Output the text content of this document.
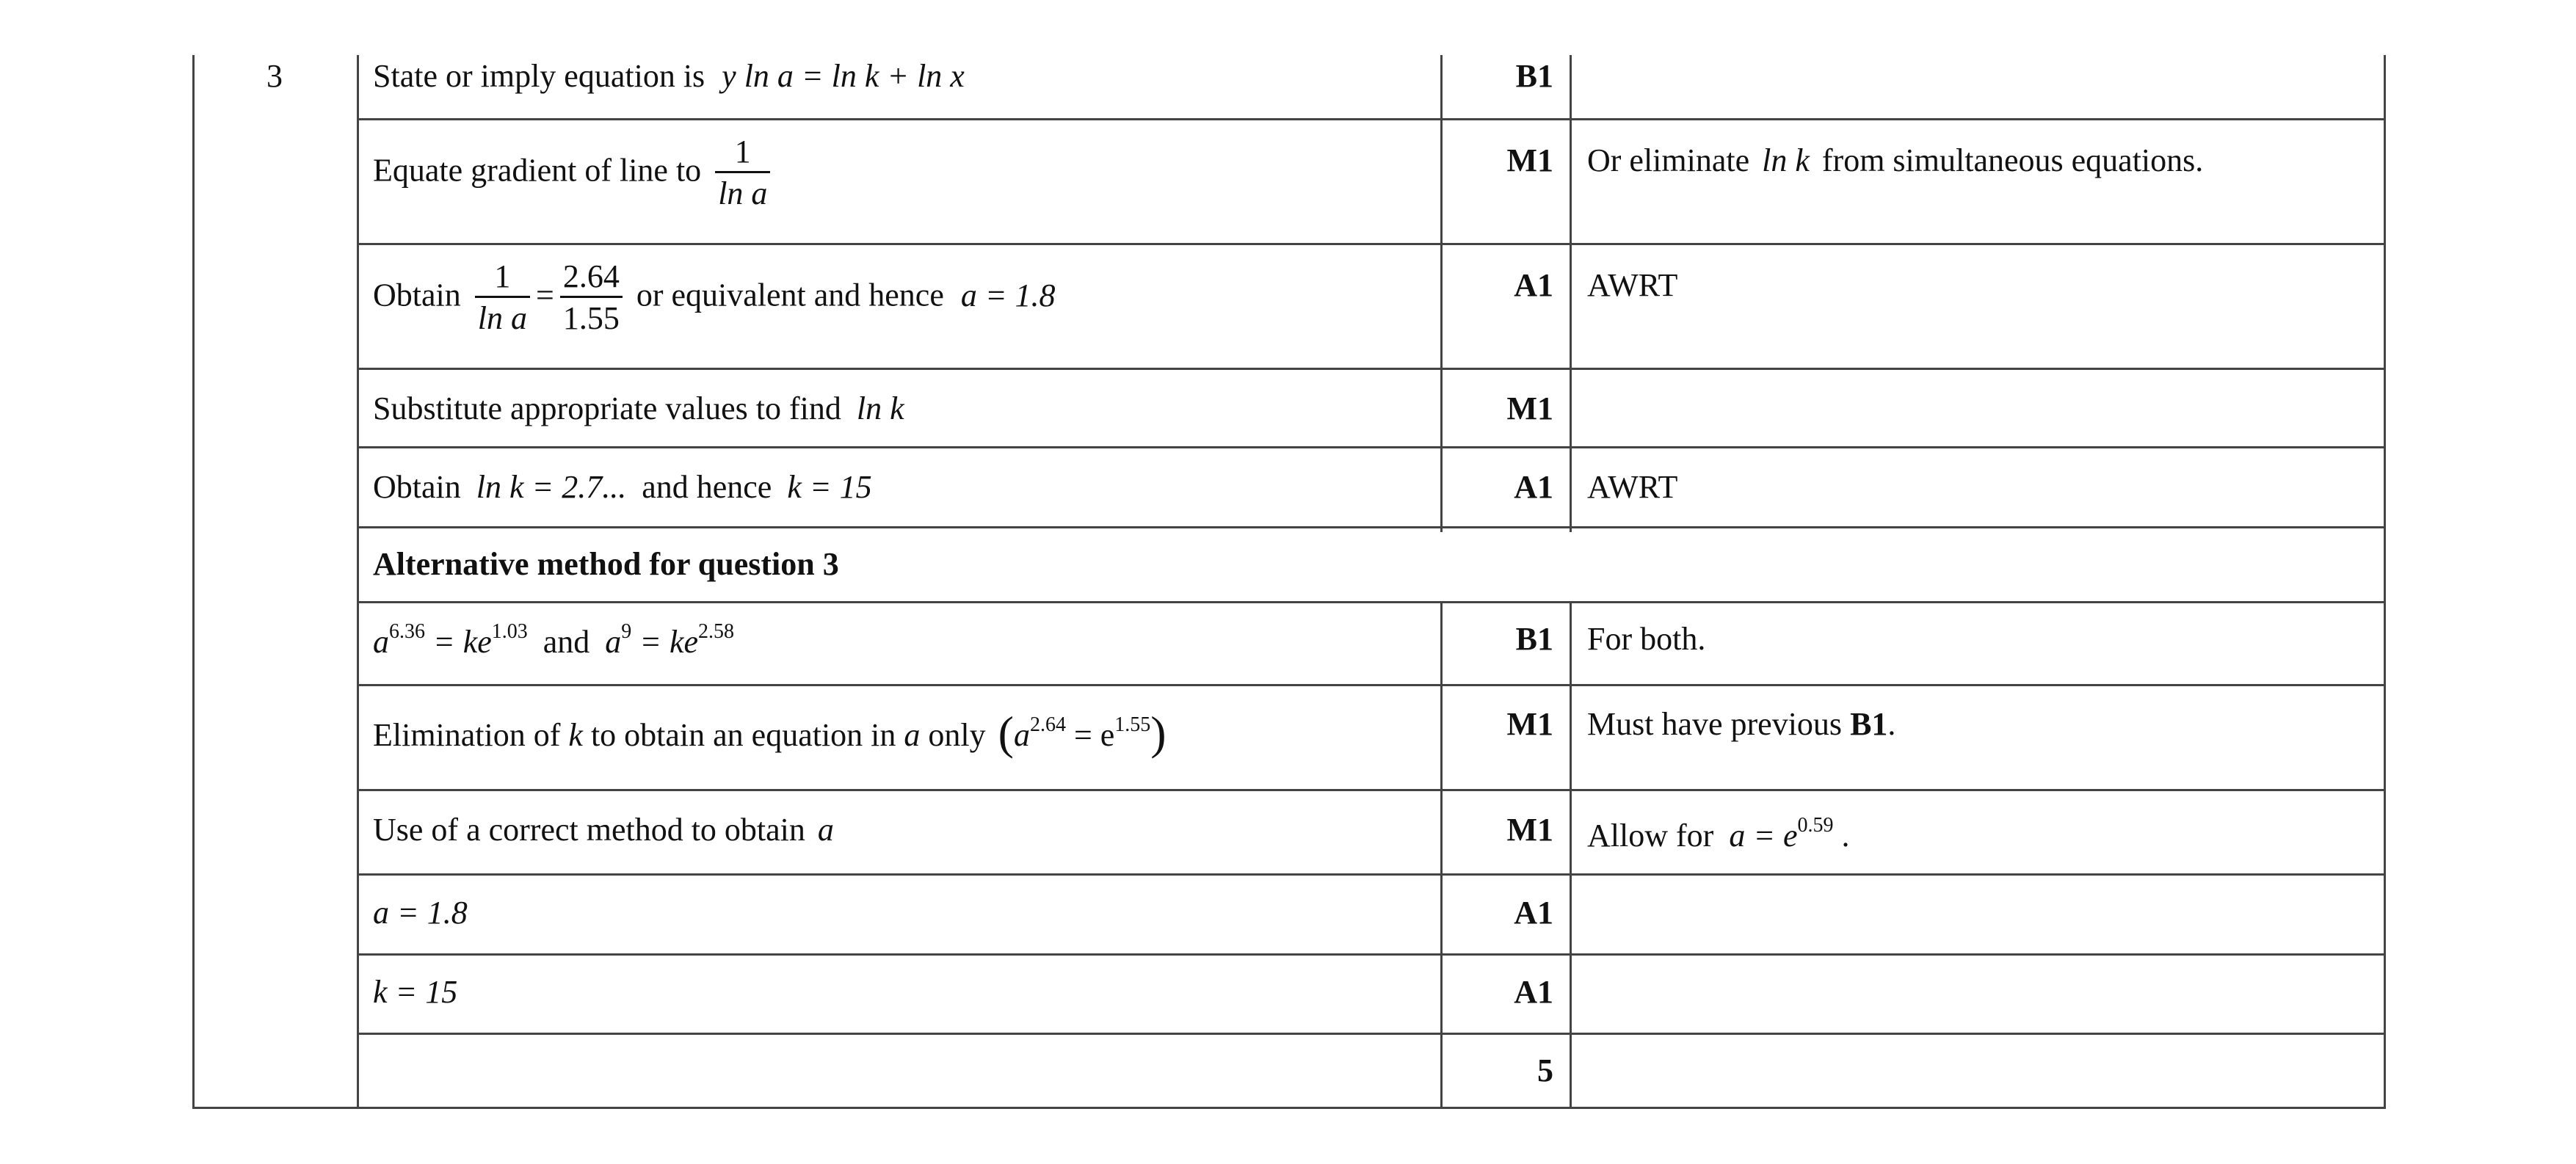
3	State or imply equation is y ln a = ln k + ln x	B1
Equate gradient of line to $\frac{1}{\text{ln a}}$	M1 Or eliminate ln k from simultaneous equations.
Obtain $\frac{1}{\text{ln a}} = \frac{2.64}{1.55}$ or equivalent and hence a = 1.8	A1 AWRT
Substitute appropriate values to find ln k	M1
Obtain ln k = 2.7... and hence k = 15	A1 AWRT
Alternative method for question 3
$a^{6.36} = ke^{1.03}$ and $a^9 = ke^{2.58}$	B1 For both.
Elimination of k to obtain an equation in a only $(a^{2.64} = e^{1.55})$	M1 Must have previous B1.
Use of a correct method to obtain a	M1 Allow for $a = e^{0.59}$ .
a = 1.8	A1
k = 15	A1
5
